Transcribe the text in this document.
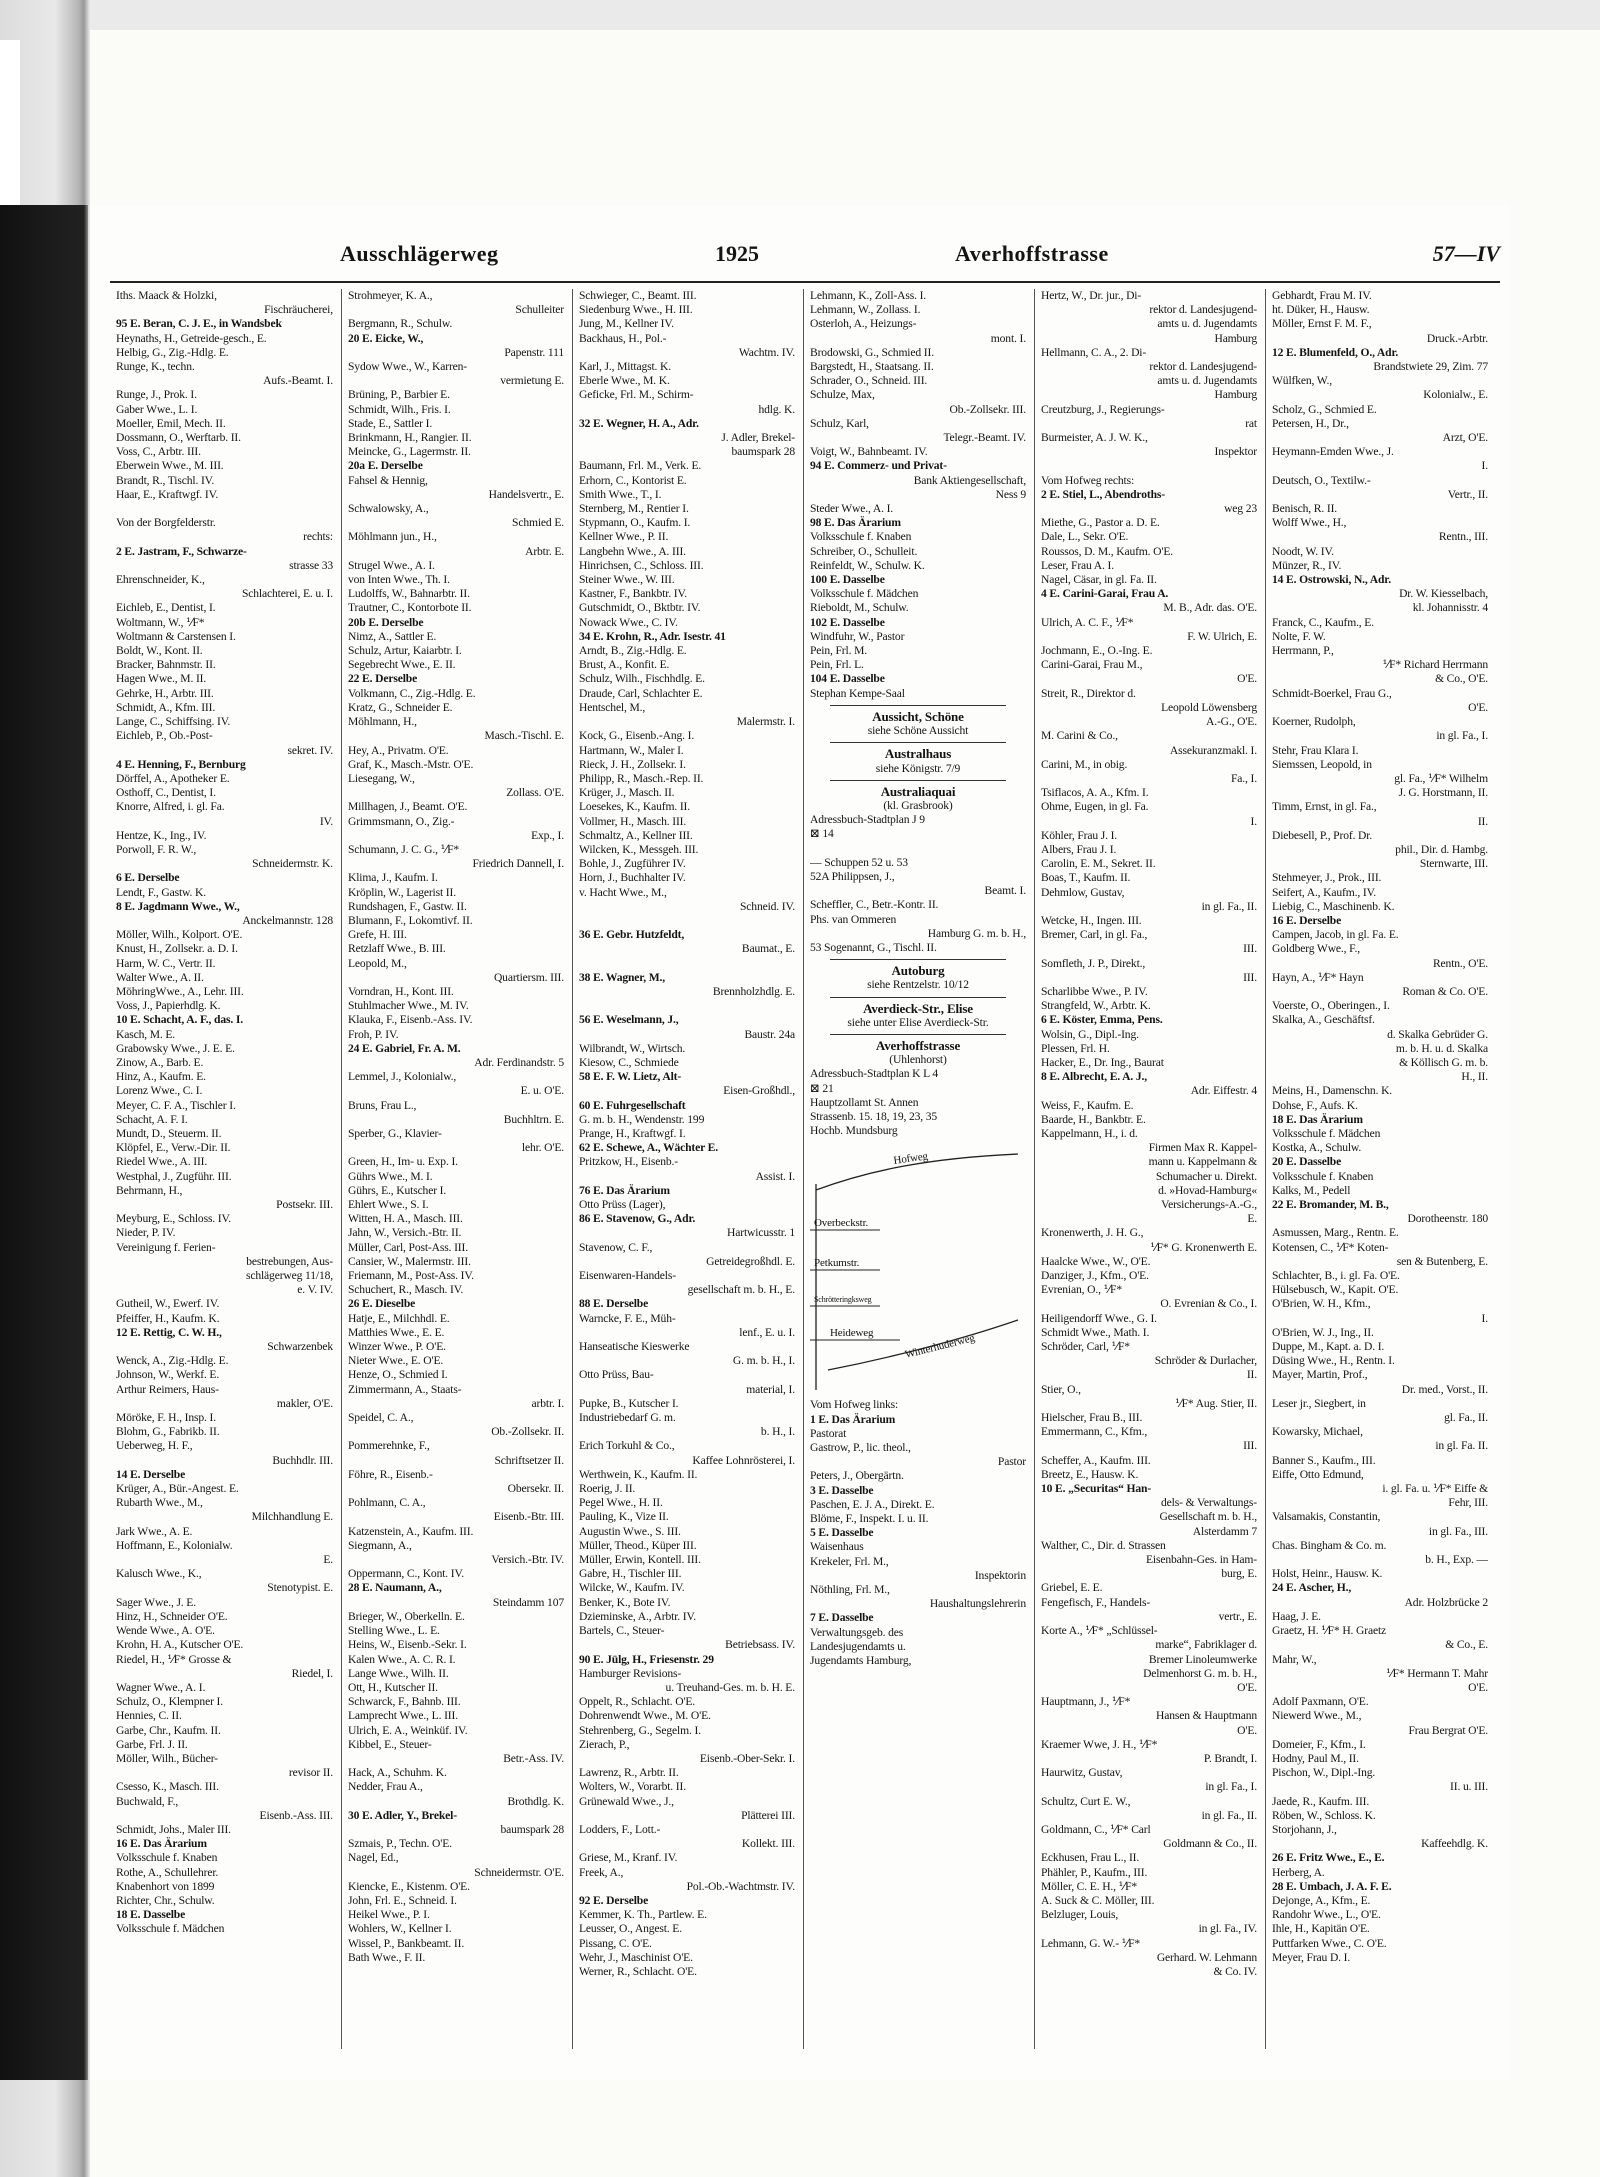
Ausschlägerweg	1925	Averhoffstrasse	57—IV
Iths. Maack & Holzki,
Fischräucherei,
95 E. Beran, C. J. E., in Wandsbek
Heynaths, H., Getreide-gesch., E.
Helbig, G., Zig.-Hdlg. E.
Runge, K., techn.
Aufs.-Beamt. I.
Runge, J., Prok. I.
Gaber Wwe., L. I.
Moeller, Emil, Mech. II.
Dossmann, O., Werftarb. II.
Voss, C., Arbtr. III.
Eberwein Wwe., M. III.
Brandt, R., Tischl. IV.
Haar, E., Kraftwgf. IV.

Von der Borgfelderstr.
rechts:
2 E. Jastram, F., Schwarze-
strasse 33
Ehrenschneider, K.,
Schlachterei, E. u. I.
Eichleb, E., Dentist, I.
Woltmann, W., ⅟F*
Woltmann & Carstensen I.
Boldt, W., Kont. II.
Bracker, Bahnmstr. II.
Hagen Wwe., M. II.
Gehrke, H., Arbtr. III.
Schmidt, A., Kfm. III.
Lange, C., Schiffsing. IV.
Eichleb, P., Ob.-Post-
sekret. IV.
4 E. Henning, F., Bernburg
Dörffel, A., Apotheker E.
Osthoff, C., Dentist, I.
Knorre, Alfred, i. gl. Fa.
IV.
Hentze, K., Ing., IV.
Porwoll, F. R. W.,
Schneidermstr. K.
6 E. Derselbe
Lendt, F., Gastw. K.
8 E. Jagdmann Wwe., W.,
Anckelmannstr. 128
Möller, Wilh., Kolport. O'E.
Knust, H., Zollsekr. a. D. I.
Harm, W. C., Vertr. II.
Walter Wwe., A. II.
MöhringWwe., A., Lehr. III.
Voss, J., Papierhdlg. K.
10 E. Schacht, A. F., das. I.
Kasch, M. E.
Grabowsky Wwe., J. E. E.
Zinow, A., Barb. E.
Hinz, A., Kaufm. E.
Lorenz Wwe., C. I.
Meyer, C. F. A., Tischler I.
Schacht, A. F. I.
Mundt, D., Steuerm. II.
Klöpfel, E., Verw.-Dir. II.
Riedel Wwe., A. III.
Westphal, J., Zugführ. III.
Behrmann, H.,
Postsekr. III.
Meyburg, E., Schloss. IV.
Nieder, P. IV.
Vereinigung f. Ferien-
bestrebungen, Aus-
schlägerweg 11/18,
e. V. IV.
Gutheil, W., Ewerf. IV.
Pfeiffer, H., Kaufm. K.
12 E. Rettig, C. W. H.,
Schwarzenbek
Wenck, A., Zig.-Hdlg. E.
Johnson, W., Werkf. E.
Arthur Reimers, Haus-
makler, O'E.
Möröke, F. H., Insp. I.
Blohm, G., Fabrikb. II.
Ueberweg, H. F.,
Buchhdlr. III.
14 E. Derselbe
Krüger, A., Bür.-Angest. E.
Rubarth Wwe., M.,
Milchhandlung E.
Jark Wwe., A. E.
Hoffmann, E., Kolonialw.
E.
Kalusch Wwe., K.,
Stenotypist. E.
Sager Wwe., J. E.
Hinz, H., Schneider O'E.
Wende Wwe., A. O'E.
Krohn, H. A., Kutscher O'E.
Riedel, H., ⅟F* Grosse &
Riedel, I.
Wagner Wwe., A. I.
Schulz, O., Klempner I.
Hennies, C. II.
Garbe, Chr., Kaufm. II.
Garbe, Frl. J. II.
Möller, Wilh., Bücher-
revisor II.
Csesso, K., Masch. III.
Buchwald, F.,
Eisenb.-Ass. III.
Schmidt, Johs., Maler III.
16 E. Das Ärarium
Volksschule f. Knaben
Rothe, A., Schullehrer.
Knabenhort von 1899
Richter, Chr., Schulw.
18 E. Dasselbe
Volksschule f. Mädchen
Strohmeyer, K. A.,
Schulleiter
Bergmann, R., Schulw.
20 E. Eicke, W.,
Papenstr. 111
Sydow Wwe., W., Karren-
vermietung E.
Brüning, P., Barbier E.
Schmidt, Wilh., Fris. I.
Stade, E., Sattler I.
Brinkmann, H., Rangier. II.
Meincke, G., Lagermstr. II.
20a E. Derselbe
Fahsel & Hennig,
Handelsvertr., E.
Schwalowsky, A.,
Schmied E.
Möhlmann jun., H.,
Arbtr. E.
Strugel Wwe., A. I.
von Inten Wwe., Th. I.
Ludolffs, W., Bahnarbtr. II.
Trautner, C., Kontorbote II.
20b E. Derselbe
Nimz, A., Sattler E.
Schulz, Artur, Kaiarbtr. I.
Segebrecht Wwe., E. II.
22 E. Derselbe
Volkmann, C., Zig.-Hdlg. E.
Kratz, G., Schneider E.
Möhlmann, H.,
Masch.-Tischl. E.
Hey, A., Privatm. O'E.
Graf, K., Masch.-Mstr. O'E.
Liesegang, W.,
Zollass. O'E.
Millhagen, J., Beamt. O'E.
Grimmsmann, O., Zig.-
Exp., I.
Schumann, J. C. G., ⅟F*
Friedrich Dannell, I.
Klima, J., Kaufm. I.
Kröplin, W., Lagerist II.
Rundshagen, F., Gastw. II.
Blumann, F., Lokomtivf. II.
Grefe, H. III.
Retzlaff Wwe., B. III.
Leopold, M.,
Quartiersm. III.
Vorndran, H., Kont. III.
Stuhlmacher Wwe., M. IV.
Klauka, F., Eisenb.-Ass. IV.
Froh, P. IV.
24 E. Gabriel, Fr. A. M.
Adr. Ferdinandstr. 5
Lemmel, J., Kolonialw.,
E. u. O'E.
Bruns, Frau L.,
Buchhltrn. E.
Sperber, G., Klavier-
lehr. O'E.
Green, H., Im- u. Exp. I.
Gührs Wwe., M. I.
Gührs, E., Kutscher I.
Ehlert Wwe., S. I.
Witten, H. A., Masch. III.
Jahn, W., Versich.-Btr. II.
Müller, Carl, Post-Ass. III.
Cansier, W., Malermstr. III.
Friemann, M., Post-Ass. IV.
Schuchert, R., Masch. IV.
26 E. Dieselbe
Hatje, E., Milchhdl. E.
Matthies Wwe., E. E.
Winzer Wwe., P. O'E.
Nieter Wwe., E. O'E.
Henze, O., Schmied I.
Zimmermann, A., Staats-
arbtr. I.
Speidel, C. A.,
Ob.-Zollsekr. II.
Pommerehnke, F.,
Schriftsetzer II.
Föhre, R., Eisenb.-
Obersekr. II.
Pohlmann, C. A.,
Eisenb.-Btr. III.
Katzenstein, A., Kaufm. III.
Siegmann, A.,
Versich.-Btr. IV.
Oppermann, C., Kont. IV.
28 E. Naumann, A.,
Steindamm 107
Brieger, W., Oberkelln. E.
Stelling Wwe., L. E.
Heins, W., Eisenb.-Sekr. I.
Kalen Wwe., A. C. R. I.
Lange Wwe., Wilh. II.
Ott, H., Kutscher II.
Schwarck, F., Bahnb. III.
Lamprecht Wwe., L. III.
Ulrich, E. A., Weinküf. IV.
Kibbel, E., Steuer-
Betr.-Ass. IV.
Hack, A., Schuhm. K.
Nedder, Frau A.,
Brothdlg. K.
30 E. Adler, Y., Brekel-
baumspark 28
Szmais, P., Techn. O'E.
Nagel, Ed.,
Schneidermstr. O'E.
Kiencke, E., Kistenm. O'E.
John, Frl. E., Schneid. I.
Heikel Wwe., P. I.
Wohlers, W., Kellner I.
Wissel, P., Bankbeamt. II.
Bath Wwe., F. II.
Schwieger, C., Beamt. III.
Siedenburg Wwe., H. III.
Jung, M., Kellner IV.
Backhaus, H., Pol.-
Wachtm. IV.
Karl, J., Mittagst. K.
Eberle Wwe., M. K.
Geficke, Frl. M., Schirm-
hdlg. K.
32 E. Wegner, H. A., Adr.
J. Adler, Brekel-
baumspark 28
Baumann, Frl. M., Verk. E.
Erhorn, C., Kontorist E.
Smith Wwe., T., I.
Sternberg, M., Rentier I.
Stypmann, O., Kaufm. I.
Kellner Wwe., P. II.
Langbehn Wwe., A. III.
Hinrichsen, C., Schloss. III.
Steiner Wwe., W. III.
Kastner, F., Bankbtr. IV.
Gutschmidt, O., Bktbtr. IV.
Nowack Wwe., C. IV.
34 E. Krohn, R., Adr. Isestr. 41
Arndt, B., Zig.-Hdlg. E.
Brust, A., Konfit. E.
Schulz, Wilh., Fischhdlg. E.
Draude, Carl, Schlachter E.
Hentschel, M.,
Malermstr. I.
Kock, G., Eisenb.-Ang. I.
Hartmann, W., Maler I.
Rieck, J. H., Zollsekr. I.
Philipp, R., Masch.-Rep. II.
Krüger, J., Masch. II.
Loesekes, K., Kaufm. II.
Vollmer, H., Masch. III.
Schmaltz, A., Kellner III.
Wilcken, K., Messgeh. III.
Bohle, J., Zugführer IV.
Horn, J., Buchhalter IV.
v. Hacht Wwe., M.,
Schneid. IV.

36 E. Gebr. Hutzfeldt,
Baumat., E.

38 E. Wagner, M.,
Brennholzhdlg. E.

56 E. Weselmann, J.,
Baustr. 24a
Wilbrandt, W., Wirtsch.
Kiesow, C., Schmiede
58 E. F. W. Lietz, Alt-
Eisen-Großhdl.,
60 E. Fuhrgesellschaft
G. m. b. H., Wendenstr. 199
Prange, H., Kraftwgf. I.
62 E. Schewe, A., Wächter E.
Pritzkow, H., Eisenb.-
Assist. I.
76 E. Das Ärarium
Otto Prüss (Lager),
86 E. Stavenow, G., Adr.
Hartwicusstr. 1
Stavenow, C. F.,
Getreidegroßhdl. E.
Eisenwaren-Handels-
gesellschaft m. b. H., E.
88 E. Derselbe
Warncke, F. E., Müh-
lenf., E. u. I.
Hanseatische Kieswerke
G. m. b. H., I.
Otto Prüss, Bau-
material, I.
Pupke, B., Kutscher I.
Industriebedarf G. m.
b. H., I.
Erich Torkuhl & Co.,
Kaffee Lohnrösterei, I.
Werthwein, K., Kaufm. II.
Roerig, J. II.
Pegel Wwe., H. II.
Pauling, K., Vize II.
Augustin Wwe., S. III.
Müller, Theod., Küper III.
Müller, Erwin, Kontell. III.
Gabre, H., Tischler III.
Wilcke, W., Kaufm. IV.
Benker, K., Bote IV.
Dzieminske, A., Arbtr. IV.
Bartels, C., Steuer-
Betriebsass. IV.
90 E. Jülg, H., Friesenstr. 29
Hamburger Revisions-
u. Treuhand-Ges. m. b. H. E.
Oppelt, R., Schlacht. O'E.
Dohrenwendt Wwe., M. O'E.
Stehrenberg, G., Segelm. I.
Zierach, P.,
Eisenb.-Ober-Sekr. I.
Lawrenz, R., Arbtr. II.
Wolters, W., Vorarbt. II.
Grünewald Wwe., J.,
Plätterei III.
Lodders, F., Lott.-
Kollekt. III.
Griese, M., Kranf. IV.
Freek, A.,
Pol.-Ob.-Wachtmstr. IV.
92 E. Derselbe
Kemmer, K. Th., Partlew. E.
Leusser, O., Angest. E.
Pissang, C. O'E.
Wehr, J., Maschinist O'E.
Werner, R., Schlacht. O'E.
Lehmann, K., Zoll-Ass. I.
Lehmann, W., Zollass. I.
Osterloh, A., Heizungs-
mont. I.
Brodowski, G., Schmied II.
Bargstedt, H., Staatsang. II.
Schrader, O., Schneid. III.
Schulze, Max,
Ob.-Zollsekr. III.
Schulz, Karl,
Telegr.-Beamt. IV.
Voigt, W., Bahnbeamt. IV.
94 E. Commerz- und Privat-
Bank Aktiengesellschaft,
Ness 9
Steder Wwe., A. I.
98 E. Das Ärarium
Volksschule f. Knaben
Schreiber, O., Schulleit.
Reinfeldt, W., Schulw. K.
100 E. Dasselbe
Volksschule f. Mädchen
Rieboldt, M., Schulw.
102 E. Dasselbe
Windfuhr, W., Pastor
Pein, Frl. M.
Pein, Frl. L.
104 E. Dasselbe
Stephan Kempe-Saal
Aussicht, Schöne
siehe Schöne Aussicht
Australhaus
siehe Königstr. 7/9
Australiaquai
(kl. Grasbrook)
Adressbuch-Stadtplan J 9
⊠ 14

— Schuppen 52 u. 53
52A Philippsen, J.,
Beamt. I.
Scheffler, C., Betr.-Kontr. II.
Phs. van Ommeren
Hamburg G. m. b. H.,
53 Sogenannt, G., Tischl. II.
Autoburg
siehe Rentzelstr. 10/12
Averdieck-Str., Elise
siehe unter Elise Averdieck-Str.
Averhoffstrasse
(Uhlenhorst)
Adressbuch-Stadtplan K L 4
⊠ 21
Hauptzollamt St. Annen
Strassenb. 15. 18, 19, 23, 35
Hochb. Mundsburg
Hofweg
Overbeckstr.
Petkumstr.
Schrötteringksweg
Heideweg	Winterhuderweg
Vom Hofweg links:
1 E. Das Ärarium
Pastorat
Gastrow, P., lic. theol.,
Pastor
Peters, J., Obergärtn.
3 E. Dasselbe
Paschen, E. J. A., Direkt. E.
Blöme, F., Inspekt. I. u. II.
5 E. Dasselbe
Waisenhaus
Krekeler, Frl. M.,
Inspektorin
Nöthling, Frl. M.,
Haushaltungslehrerin
7 E. Dasselbe
Verwaltungsgeb. des
Landesjugendamts u.
Jugendamts Hamburg,
Hertz, W., Dr. jur., Di-
rektor d. Landesjugend-
amts u. d. Jugendamts
Hamburg
Hellmann, C. A., 2. Di-
rektor d. Landesjugend-
amts u. d. Jugendamts
Hamburg
Creutzburg, J., Regierungs-
rat
Burmeister, A. J. W. K.,
Inspektor

Vom Hofweg rechts:
2 E. Stiel, L., Abendroths-
weg 23
Miethe, G., Pastor a. D. E.
Dale, L., Sekr. O'E.
Roussos, D. M., Kaufm. O'E.
Leser, Frau A. I.
Nagel, Cäsar, in gl. Fa. II.
4 E. Carini-Garai, Frau A.
M. B., Adr. das. O'E.
Ulrich, A. C. F., ⅟F*
F. W. Ulrich, E.
Jochmann, E., O.-Ing. E.
Carini-Garai, Frau M.,
O'E.
Streit, R., Direktor d.
Leopold Löwensberg
A.-G., O'E.
M. Carini & Co.,
Assekuranzmakl. I.
Carini, M., in obig.
Fa., I.
Tsiflacos, A. A., Kfm. I.
Ohme, Eugen, in gl. Fa.
I.
Köhler, Frau J. I.
Albers, Frau J. I.
Carolin, E. M., Sekret. II.
Boas, T., Kaufm. II.
Dehmlow, Gustav,
in gl. Fa., II.
Wetcke, H., Ingen. III.
Bremer, Carl, in gl. Fa.,
III.
Somfleth, J. P., Direkt.,
III.
Scharlibbe Wwe., P. IV.
Strangfeld, W., Arbtr. K.
6 E. Köster, Emma, Pens.
Wolsin, G., Dipl.-Ing.
Plessen, Frl. H.
Hacker, E., Dr. Ing., Baurat
8 E. Albrecht, E. A. J.,
Adr. Eiffestr. 4
Weiss, F., Kaufm. E.
Baarde, H., Bankbtr. E.
Kappelmann, H., i. d.
Firmen Max R. Kappel-
mann u. Kappelmann &
Schumacher u. Direkt.
d. »Hovad-Hamburg«
Versicherungs-A.-G.,
E.
Kronenwerth, J. H. G.,
⅟F* G. Kronenwerth E.
Haalcke Wwe., W., O'E.
Danziger, J., Kfm., O'E.
Evrenian, O., ⅟F*
O. Evrenian & Co., I.
Heiligendorff Wwe., G. I.
Schmidt Wwe., Math. I.
Schröder, Carl, ⅟F*
Schröder & Durlacher,
II.
Stier, O.,
⅟F* Aug. Stier, II.
Hielscher, Frau B., III.
Emmermann, C., Kfm.,
III.
Scheffer, A., Kaufm. III.
Breetz, E., Hausw. K.
10 E. „Securitas“ Han-
dels- & Verwaltungs-
Gesellschaft m. b. H.,
Alsterdamm 7
Walther, C., Dir. d. Strassen
Eisenbahn-Ges. in Ham-
burg, E.
Griebel, E. E.
Fengefisch, F., Handels-
vertr., E.
Korte A., ⅟F* „Schlüssel-
marke“, Fabriklager d.
Bremer Linoleumwerke
Delmenhorst G. m. b. H.,
O'E.
Hauptmann, J., ⅟F*
Hansen & Hauptmann
O'E.
Kraemer Wwe, J. H., ⅟F*
P. Brandt, I.
Haurwitz, Gustav,
in gl. Fa., I.
Schultz, Curt E. W.,
in gl. Fa., II.
Goldmann, C., ⅟F* Carl
Goldmann & Co., II.
Eckhusen, Frau L., II.
Phähler, P., Kaufm., III.
Möller, C. E. H., ⅟F*
A. Suck & C. Möller, III.
Belzluger, Louis,
in gl. Fa., IV.
Lehmann, G. W.- ⅟F*
Gerhard. W. Lehmann
& Co. IV.
Gebhardt, Frau M. IV.
ht. Düker, H., Hausw.
Möller, Ernst F. M. F.,
Druck.-Arbtr.
12 E. Blumenfeld, O., Adr.
Brandstwiete 29, Zim. 77
Wülfken, W.,
Kolonialw., E.
Scholz, G., Schmied E.
Petersen, H., Dr.,
Arzt, O'E.
Heymann-Emden Wwe., J.
I.
Deutsch, O., Textilw.-
Vertr., II.
Benisch, R. II.
Wolff Wwe., H.,
Rentn., III.
Noodt, W. IV.
Münzer, R., IV.
14 E. Ostrowski, N., Adr.
Dr. W. Kiesselbach,
kl. Johannisstr. 4
Franck, C., Kaufm., E.
Nolte, F. W.
Herrmann, P.,
⅟F* Richard Herrmann
& Co., O'E.
Schmidt-Boerkel, Frau G.,
O'E.
Koerner, Rudolph,
in gl. Fa., I.
Stehr, Frau Klara I.
Siemssen, Leopold, in
gl. Fa., ⅟F* Wilhelm
J. G. Horstmann, II.
Timm, Ernst, in gl. Fa.,
II.
Diebesell, P., Prof. Dr.
phil., Dir. d. Hambg.
Sternwarte, III.
Stehmeyer, J., Prok., III.
Seifert, A., Kaufm., IV.
Liebig, C., Maschinenb. K.
16 E. Derselbe
Campen, Jacob, in gl. Fa. E.
Goldberg Wwe., F.,
Rentn., O'E.
Hayn, A., ⅟F* Hayn
Roman & Co. O'E.
Voerste, O., Oberingen., I.
Skalka, A., Geschäftsf.
d. Skalka Gebrüder G.
m. b. H. u. d. Skalka
& Köllisch G. m. b.
H., II.
Meins, H., Damenschn. K.
Dohse, F., Aufs. K.
18 E. Das Ärarium
Volksschule f. Mädchen
Kostka, A., Schulw.
20 E. Dasselbe
Volksschule f. Knaben
Kalks, M., Pedell
22 E. Bromander, M. B.,
Dorotheenstr. 180
Asmussen, Marg., Rentn. E.
Kotensen, C., ⅟F* Koten-
sen & Butenberg, E.
Schlachter, B., i. gl. Fa. O'E.
Hülsebusch, W., Kapit. O'E.
O'Brien, W. H., Kfm.,
I.
O'Brien, W. J., Ing., II.
Duppe, M., Kapt. a. D. I.
Düsing Wwe., H., Rentn. I.
Mayer, Martin, Prof.,
Dr. med., Vorst., II.
Leser jr., Siegbert, in
gl. Fa., II.
Kowarsky, Michael,
in gl. Fa. II.
Banner S., Kaufm., III.
Eiffe, Otto Edmund,
i. gl. Fa. u. ⅟F* Eiffe &
Fehr, III.
Valsamakis, Constantin,
in gl. Fa., III.
Chas. Bingham & Co. m.
b. H., Exp. —
Holst, Heinr., Hausw. K.
24 E. Ascher, H.,
Adr. Holzbrücke 2
Haag, J. E.
Graetz, H. ⅟F* H. Graetz
& Co., E.
Mahr, W.,
⅟F* Hermann T. Mahr
O'E.
Adolf Paxmann, O'E.
Niewerd Wwe., M.,
Frau Bergrat O'E.
Domeier, F., Kfm., I.
Hodny, Paul M., II.
Pischon, W., Dipl.-Ing.
II. u. III.
Jaede, R., Kaufm. III.
Röben, W., Schloss. K.
Storjohann, J.,
Kaffeehdlg. K.
26 E. Fritz Wwe., E., E.
Herberg, A.
28 E. Umbach, J. A. F. E.
Dejonge, A., Kfm., E.
Randohr Wwe., L., O'E.
Ihle, H., Kapitän O'E.
Puttfarken Wwe., C. O'E.
Meyer, Frau D. I.
